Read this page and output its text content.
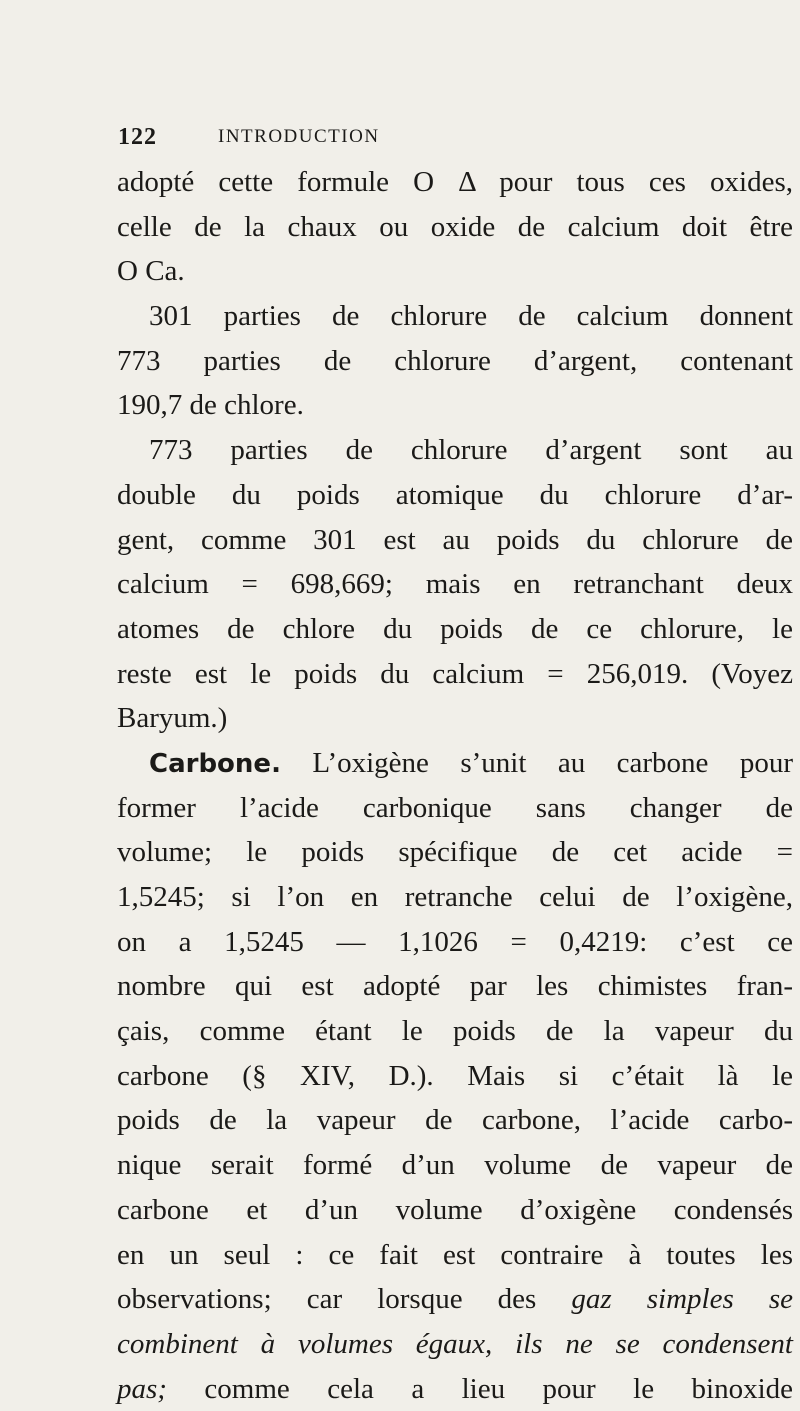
122	INTRODUCTION
adopté cette formule O Δ pour tous ces oxides,
celle de la chaux ou oxide de calcium doit être
O Ca.
301 parties de chlorure de calcium donnent
773 parties de chlorure d’argent, contenant
190,7 de chlore.
773 parties de chlorure d’argent sont au
double du poids atomique du chlorure d’ar-
gent, comme 301 est au poids du chlorure de
calcium = 698,669; mais en retranchant deux
atomes de chlore du poids de ce chlorure, le
reste est le poids du calcium = 256,019. (Voyez
Baryum.)
Carbone. L’oxigène s’unit au carbone pour
former l’acide carbonique sans changer de
volume; le poids spécifique de cet acide =
1,5245; si l’on en retranche celui de l’oxigène,
on a 1,5245 — 1,1026 = 0,4219: c’est ce
nombre qui est adopté par les chimistes fran-
çais, comme étant le poids de la vapeur du
carbone (§ XIV, D.). Mais si c’était là le
poids de la vapeur de carbone, l’acide carbo-
nique serait formé d’un volume de vapeur de
carbone et d’un volume d’oxigène condensés
en un seul : ce fait est contraire à toutes les
observations; car lorsque des gaz simples se
combinent à volumes égaux, ils ne se condensent
pas; comme cela a lieu pour le binoxide
